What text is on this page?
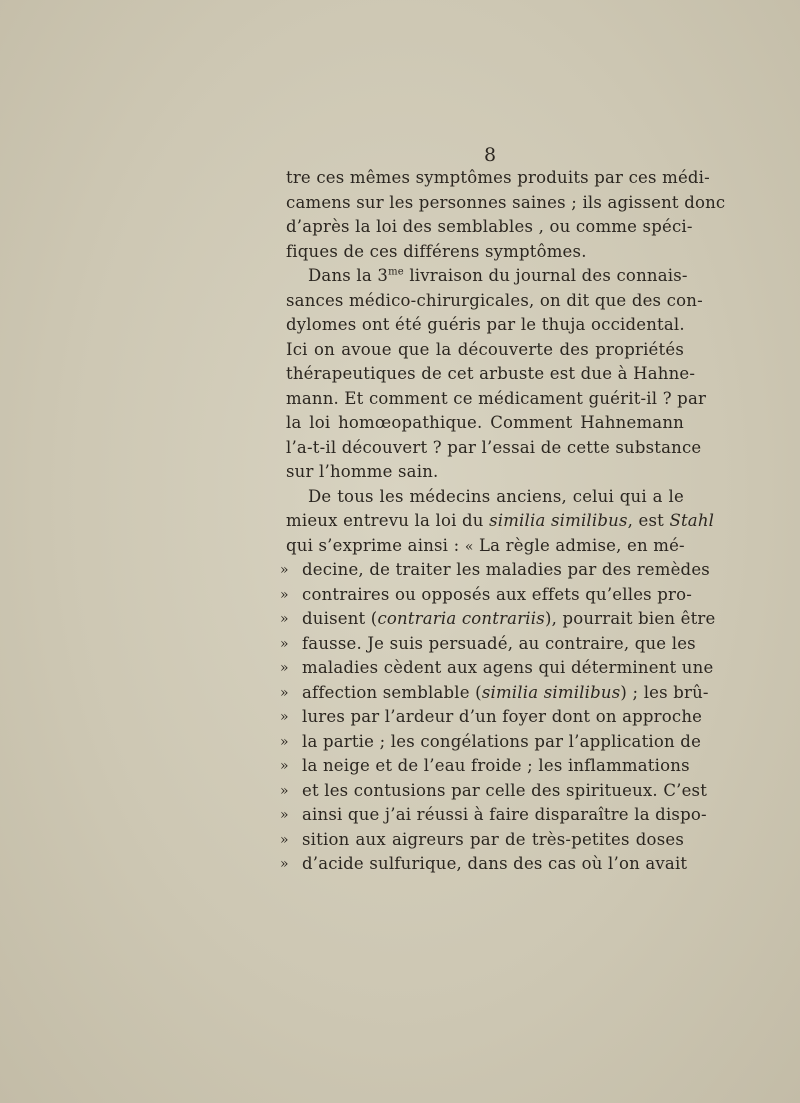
8
tre ces mêmes symptômes produits par ces médi-
camens sur les personnes saines ; ils agissent donc
d’après la loi des semblables , ou comme spéci-
fiques de ces différens symptômes.
Dans la $3^{me}$ livraison du journal des connais-
sances médico-chirurgicales, on dit que des con-
dylomes ont été guéris par le thuja occidental.
Ici on avoue que la découverte des propriétés
thérapeutiques de cet arbuste est due à Hahne-
mann. Et comment ce médicament guérit-il ? par
la loi homœopathique. Comment Hahnemann
l’a-t-il découvert ? par l’essai de cette substance
sur l’homme sain.
De tous les médecins anciens, celui qui a le
mieux entrevu la loi du similia similibus, est Stahl
qui s’exprime ainsi : « La règle admise, en mé-
» decine, de traiter les maladies par des remèdes
» contraires ou opposés aux effets qu’elles pro-
» duisent (contraria contrariis), pourrait bien être
» fausse. Je suis persuadé, au contraire, que les
» maladies cèdent aux agens qui déterminent une
» affection semblable (similia similibus) ; les brû-
» lures par l’ardeur d’un foyer dont on approche
» la partie ; les congélations par l’application de
» la neige et de l’eau froide ; les inflammations
» et les contusions par celle des spiritueux. C’est
» ainsi que j’ai réussi à faire disparaître la dispo-
» sition aux aigreurs par de très-petites doses
» d’acide sulfurique, dans des cas où l’on avait
